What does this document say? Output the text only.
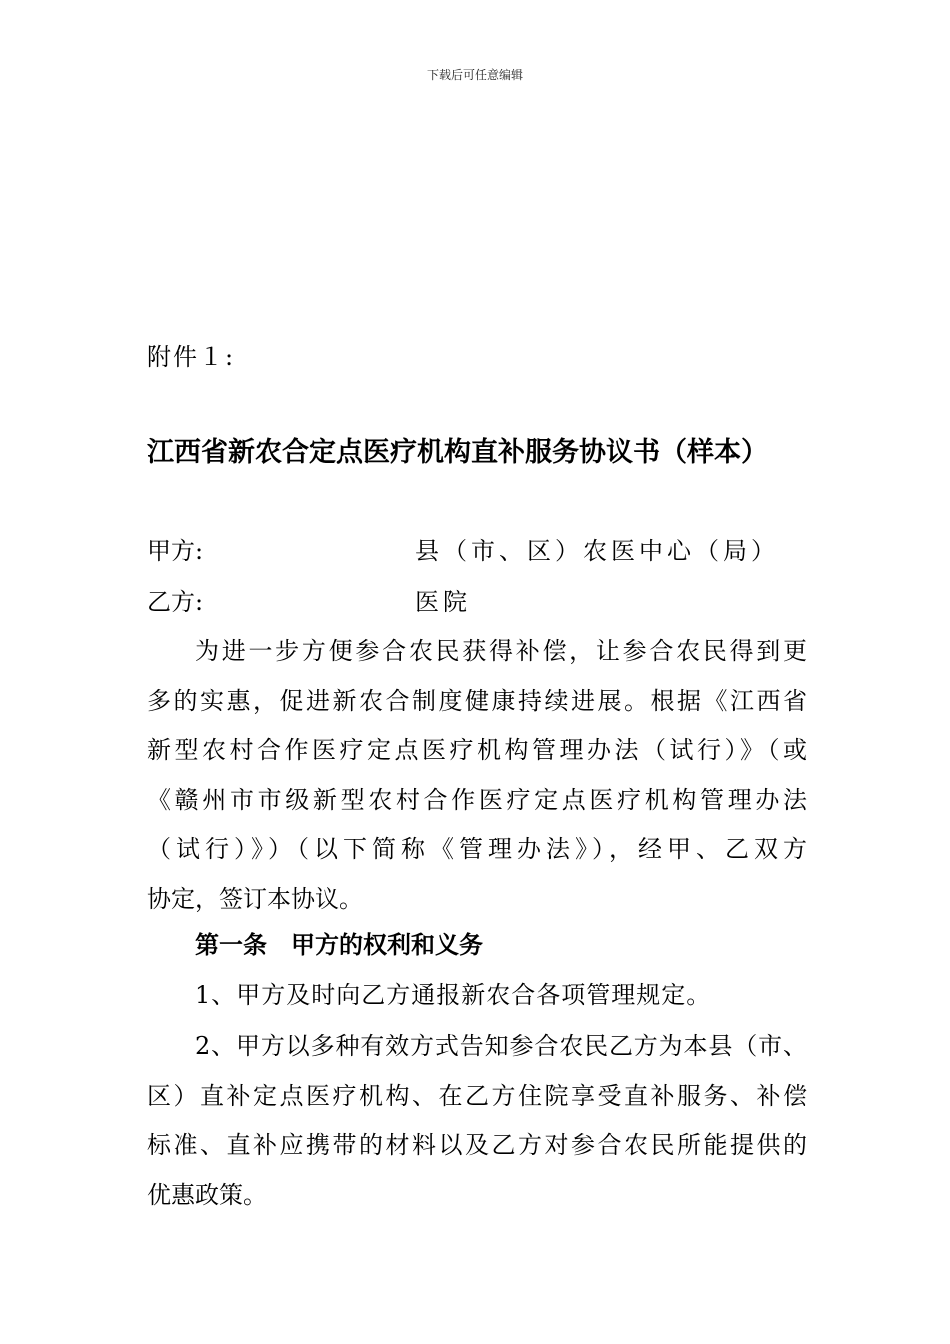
下载后可任意编辑
附件１:
江西省新农合定点医疗机构直补服务协议书（样本）
甲方:	县（市、区）农医中心（局）
乙方:	医院
为进一步方便参合农民获得补偿，让参合农民得到更
多的实惠，促进新农合制度健康持续进展。根据《江西省
新型农村合作医疗定点医疗机构管理办法（试行）》（或
《赣州市市级新型农村合作医疗定点医疗机构管理办法
（试行）》）（以下简称《管理办法》），经甲、乙双方
协定，签订本协议。
第一条 甲方的权利和义务
1、甲方及时向乙方通报新农合各项管理规定。
2、甲方以多种有效方式告知参合农民乙方为本县（市、
区）直补定点医疗机构、在乙方住院享受直补服务、补偿
标准、直补应携带的材料以及乙方对参合农民所能提供的
优惠政策。
